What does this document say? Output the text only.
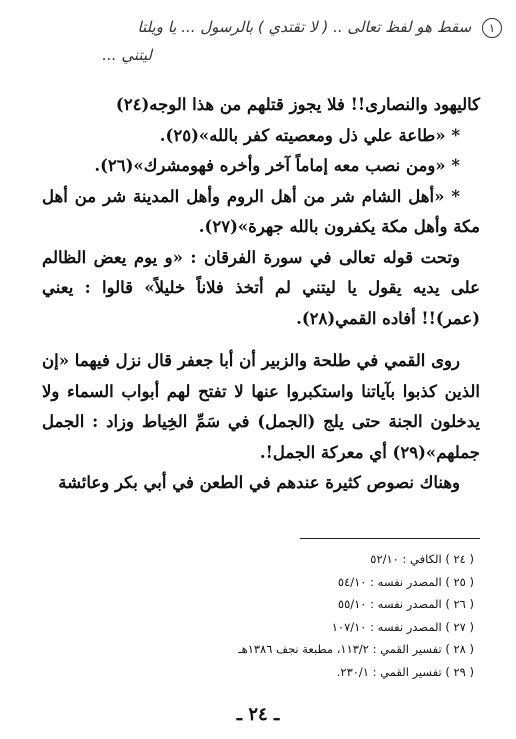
١ سقط هو لفظ تعالى .. ( لا تقتدي ) بالرسول ... يا ويلتا
ليتني ...

كاليهود والنصارى!! فلا يجوز قتلهم من هذا الوجه(٢٤)

* «طاعة علي ذل ومعصيته كفر بالله»(٢٥).

* «ومن نصب معه إماماً آخر وأخره فهومشرك»(٢٦).

* «أهل الشام شر من أهل الروم وأهل المدينة شر من أهل مكة وأهل مكة يكفرون بالله جهرة»(٢٧).

وتحت قوله تعالى في سورة الفرقان : «و يوم يعض الظالم على يديه يقول يا ليتني لم أتخذ فلاناً خليلاً» قالوا : يعني (عمر)!! أفاده القمي(٢٨).

روى القمي في طلحة والزبير أن أبا جعفر قال نزل فيهما «إن الذين كذبوا بآياتنا واستكبروا عنها لا تفتح لهم أبواب السماء ولا يدخلون الجنة حتى يلج (الجمل) في سَمِّ الخِياط وزاد : الجمل جملهم»(٢٩) أي معركة الجمل!.

وهناك نصوص كثيرة عندهم في الطعن في أبي بكر وعائشة

( ٢٤ ) الكافي : ٥٢/١٠
( ٢٥ ) المصدر نفسه : ٥٤/١٠
( ٢٦ ) المصدر نفسه : ٥٥/١٠
( ٢٧ ) المصدر نفسه : ١٠٧/١٠
( ٢٨ ) تفسير القمي : ١١٣/٢، مطبعة نجف ١٣٨٦هـ
( ٢٩ ) تفسير القمي : ٢٣٠/١.
ـ ٢٤ ـ
